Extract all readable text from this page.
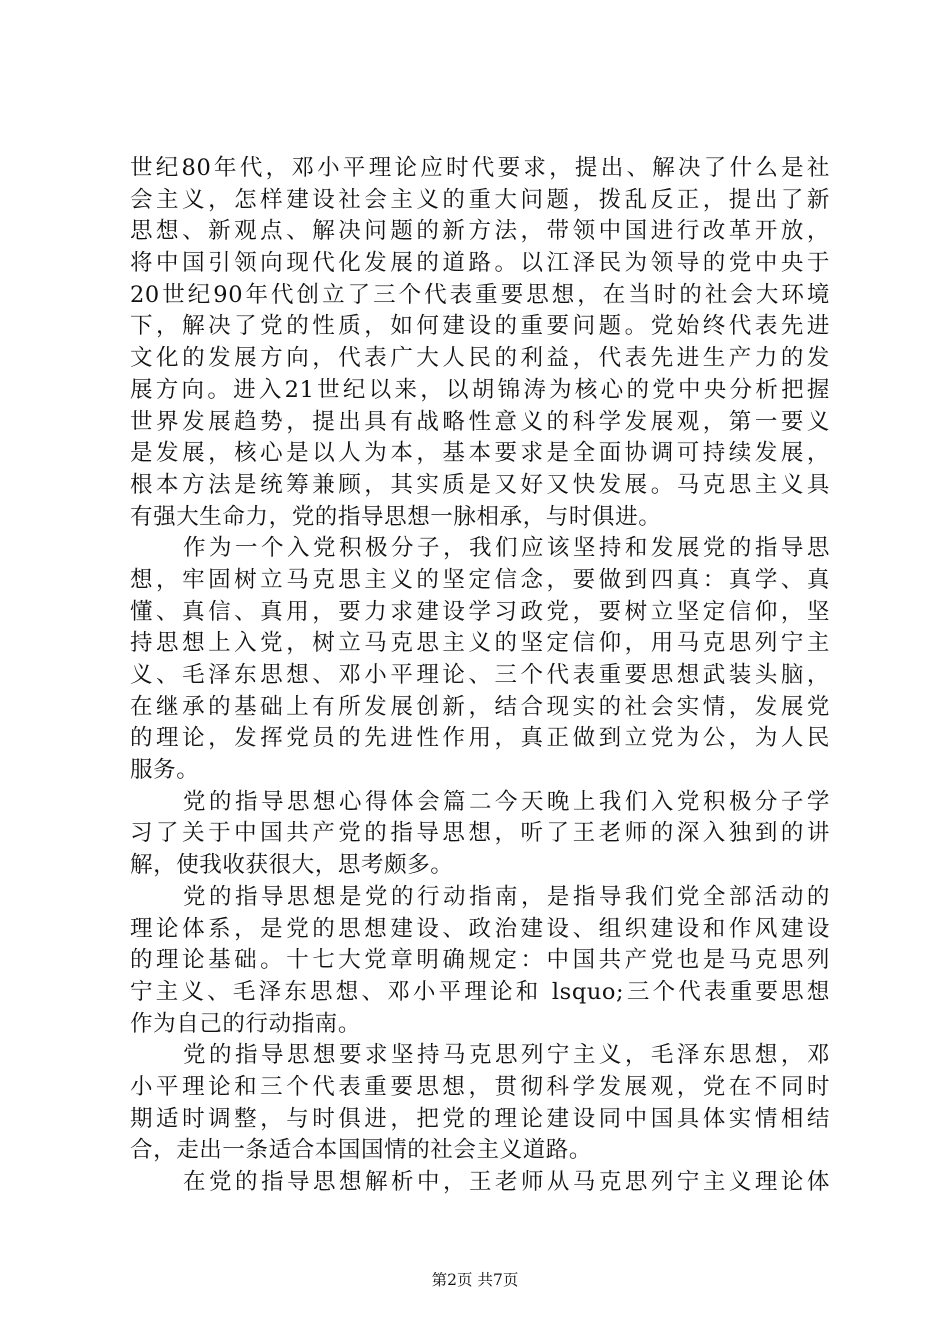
世纪80年代，邓小平理论应时代要求，提出、解决了什么是社
会主义，怎样建设社会主义的重大问题，拨乱反正，提出了新
思想、新观点、解决问题的新方法，带领中国进行改革开放，
将中国引领向现代化发展的道路。以江泽民为领导的党中央于
20世纪90年代创立了三个代表重要思想，在当时的社会大环境
下，解决了党的性质，如何建设的重要问题。党始终代表先进
文化的发展方向，代表广大人民的利益，代表先进生产力的发
展方向。进入21世纪以来，以胡锦涛为核心的党中央分析把握
世界发展趋势，提出具有战略性意义的科学发展观，第一要义
是发展，核心是以人为本，基本要求是全面协调可持续发展，
根本方法是统筹兼顾，其实质是又好又快发展。马克思主义具
有强大生命力，党的指导思想一脉相承，与时俱进。
作为一个入党积极分子，我们应该坚持和发展党的指导思
想，牢固树立马克思主义的坚定信念，要做到四真：真学、真
懂、真信、真用，要力求建设学习政党，要树立坚定信仰，坚
持思想上入党，树立马克思主义的坚定信仰，用马克思列宁主
义、毛泽东思想、邓小平理论、三个代表重要思想武装头脑，
在继承的基础上有所发展创新，结合现实的社会实情，发展党
的理论，发挥党员的先进性作用，真正做到立党为公，为人民
服务。
党的指导思想心得体会篇二今天晚上我们入党积极分子学
习了关于中国共产党的指导思想，听了王老师的深入独到的讲
解，使我收获很大，思考颇多。
党的指导思想是党的行动指南，是指导我们党全部活动的
理论体系，是党的思想建设、政治建设、组织建设和作风建设
的理论基础。十七大党章明确规定：中国共产党也是马克思列
宁主义、毛泽东思想、邓小平理论和 lsquo;三个代表重要思想
作为自己的行动指南。
党的指导思想要求坚持马克思列宁主义，毛泽东思想，邓
小平理论和三个代表重要思想，贯彻科学发展观，党在不同时
期适时调整，与时俱进，把党的理论建设同中国具体实情相结
合，走出一条适合本国国情的社会主义道路。
在党的指导思想解析中，王老师从马克思列宁主义理论体
第2页 共7页
